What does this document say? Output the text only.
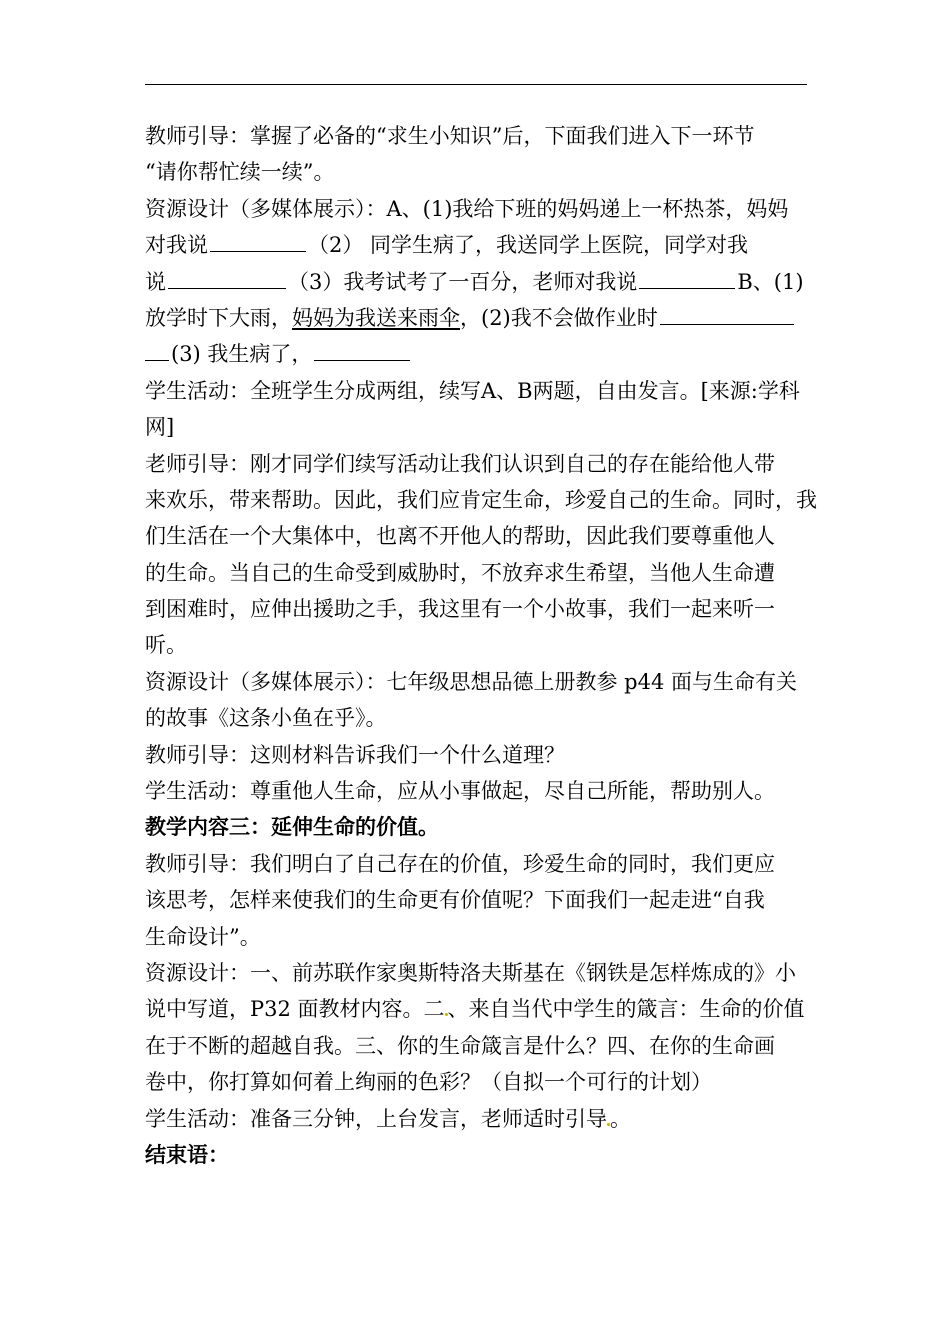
教师引导：掌握了必备的“求生小知识”后，下面我们进入下一环节
“请你帮忙续一续”。
资源设计（多媒体展示）：A、(1)我给下班的妈妈递上一杯热茶，妈妈
对我说	（2） 同学生病了，我送同学上医院，同学对我
说	（3）我考试考了一百分，老师对我说	B、(1)
放学时下大雨，妈妈为我送来雨伞，(2)我不会做作业时
(3) 我生病了，
学生活动：全班学生分成两组，续写A、B两题，自由发言。[来源:学科
网]
老师引导：刚才同学们续写活动让我们认识到自己的存在能给他人带
来欢乐，带来帮助。因此，我们应肯定生命，珍爱自己的生命。同时，我
们生活在一个大集体中，也离不开他人的帮助，因此我们要尊重他人
的生命。当自己的生命受到威胁时，不放弃求生希望，当他人生命遭
到困难时，应伸出援助之手，我这里有一个小故事，我们一起来听一
听。
资源设计（多媒体展示）：七年级思想品德上册教参 p44 面与生命有关
的故事《这条小鱼在乎》。
教师引导：这则材料告诉我们一个什么道理？
学生活动：尊重他人生命，应从小事做起，尽自己所能，帮助别人。
教学内容三：延伸生命的价值。
教师引导：我们明白了自己存在的价值，珍爱生命的同时，我们更应
该思考，怎样来使我们的生命更有价值呢？下面我们一起走进“自我
生命设计”。
资源设计：一、前苏联作家奥斯特洛夫斯基在《钢铁是怎样炼成的》小
说中写道，P32 面教材内容。二 、来自当代中学生的箴言：生命的价值
在于不断的超越自我。三、你的生命箴言是什么？四、在你的生命画
卷中，你打算如何着上绚丽的色彩？（自拟一个可行的计划）
学生活动：准备三分钟，上台发言，老师适时引导 。
结束语：
